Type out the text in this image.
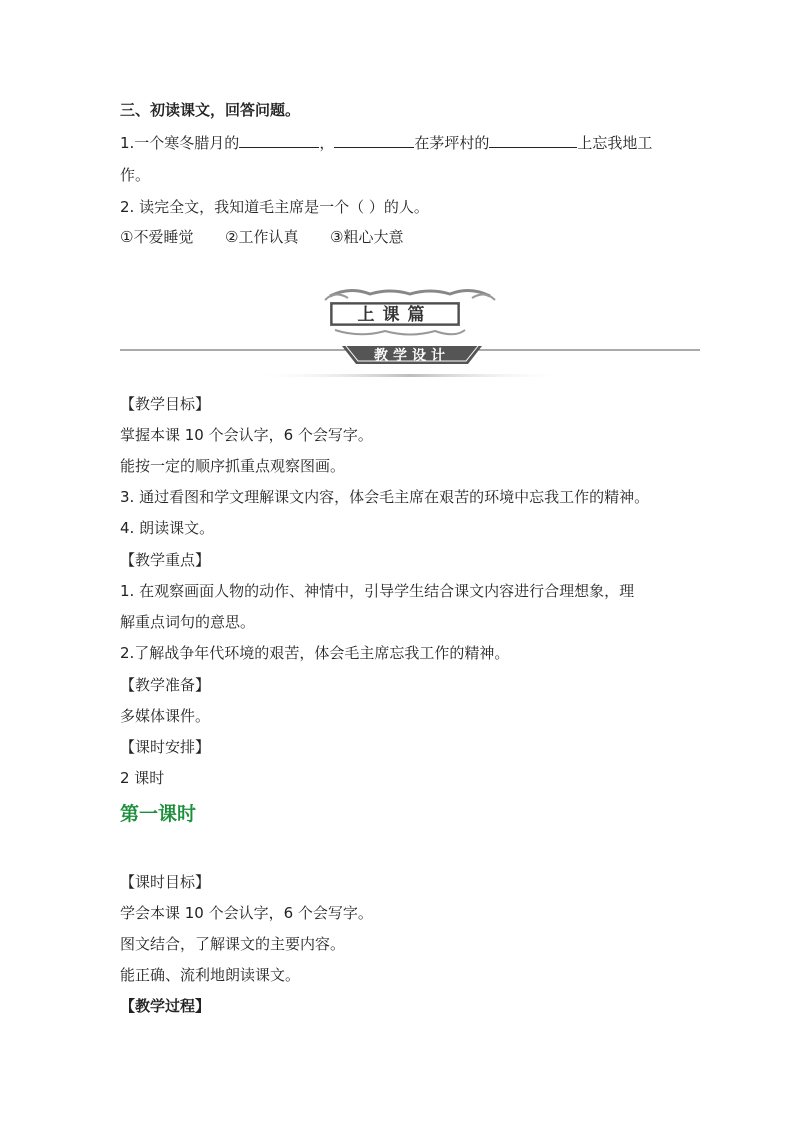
三、初读课文，回答问题。
1.一个寒冬腊月的	，	在茅坪村的	上忘我地工
作。
2. 读完全文，我知道毛主席是一个（ ）的人。
①不爱睡觉 ②工作认真 ③粗心大意
上课篇
教学设计
【教学目标】
掌握本课 10 个会认字，6 个会写字。
能按一定的顺序抓重点观察图画。
3. 通过看图和学文理解课文内容，体会毛主席在艰苦的环境中忘我工作的精神。
4. 朗读课文。
【教学重点】
1. 在观察画面人物的动作、神情中，引导学生结合课文内容进行合理想象，理
解重点词句的意思。
2.了解战争年代环境的艰苦，体会毛主席忘我工作的精神。
【教学准备】
多媒体课件。
【课时安排】
2 课时
第一课时
【课时目标】
学会本课 10 个会认字，6 个会写字。
图文结合，了解课文的主要内容。
能正确、流利地朗读课文。
【教学过程】
